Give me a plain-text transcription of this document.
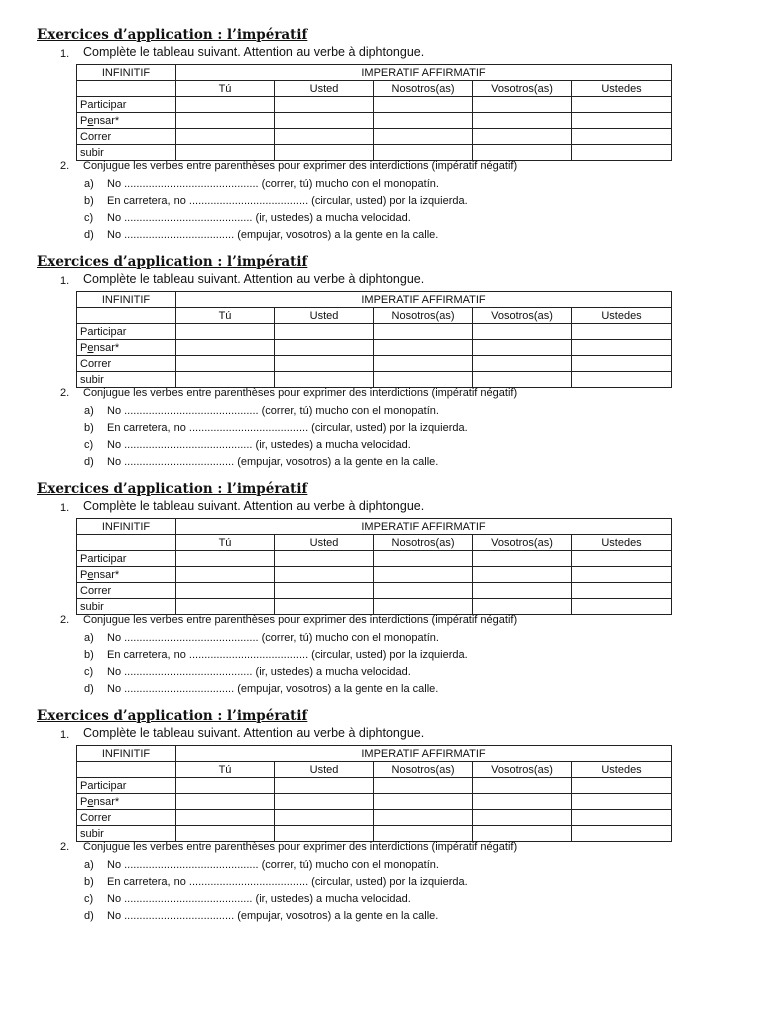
Exercices d’application : l’impératif
1. Complète le tableau suivant. Attention au verbe à diphtongue.
INFINITIF	IMPERATIF AFFIRMATIF				
	Tú	Usted	Nosotros(as)	Vosotros(as)	Ustedes
Participar					
Pensar*					
Correr					
subir					
2. Conjugue les verbes entre parenthèses pour exprimer des interdictions (impératif négatif)
a) No ............................................ (correr, tú) mucho con el monopatín.
b) En carretera, no ....................................... (circular, usted) por la izquierda.
c) No .......................................... (ir, ustedes) a mucha velocidad.
d) No .................................... (empujar, vosotros) a la gente en la calle.
Exercices d’application : l’impératif
1. Complète le tableau suivant. Attention au verbe à diphtongue.
INFINITIF	IMPERATIF AFFIRMATIF				
	Tú	Usted	Nosotros(as)	Vosotros(as)	Ustedes
Participar					
Pensar*					
Correr					
subir					
2. Conjugue les verbes entre parenthèses pour exprimer des interdictions (impératif négatif)
a) No ............................................ (correr, tú) mucho con el monopatín.
b) En carretera, no ....................................... (circular, usted) por la izquierda.
c) No .......................................... (ir, ustedes) a mucha velocidad.
d) No .................................... (empujar, vosotros) a la gente en la calle.
Exercices d’application : l’impératif
1. Complète le tableau suivant. Attention au verbe à diphtongue.
INFINITIF	IMPERATIF AFFIRMATIF				
	Tú	Usted	Nosotros(as)	Vosotros(as)	Ustedes
Participar					
Pensar*					
Correr					
subir					
2. Conjugue les verbes entre parenthèses pour exprimer des interdictions (impératif négatif)
a) No ............................................ (correr, tú) mucho con el monopatín.
b) En carretera, no ....................................... (circular, usted) por la izquierda.
c) No .......................................... (ir, ustedes) a mucha velocidad.
d) No .................................... (empujar, vosotros) a la gente en la calle.
Exercices d’application : l’impératif
1. Complète le tableau suivant. Attention au verbe à diphtongue.
INFINITIF	IMPERATIF AFFIRMATIF				
	Tú	Usted	Nosotros(as)	Vosotros(as)	Ustedes
Participar					
Pensar*					
Correr					
subir					
2. Conjugue les verbes entre parenthèses pour exprimer des interdictions (impératif négatif)
a) No ............................................ (correr, tú) mucho con el monopatín.
b) En carretera, no ....................................... (circular, usted) por la izquierda.
c) No .......................................... (ir, ustedes) a mucha velocidad.
d) No .................................... (empujar, vosotros) a la gente en la calle.
